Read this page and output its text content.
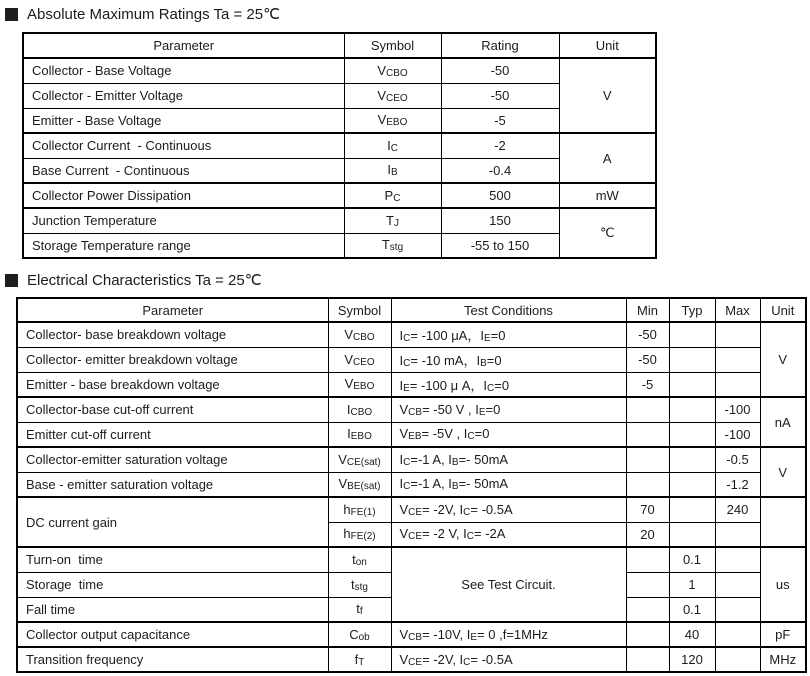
Absolute Maximum Ratings Ta = 25℃
Parameter	Symbol	Rating	Unit
Collector - Base Voltage	VCBO	-50	V
Collector - Emitter Voltage	VCEO	-50	
Emitter - Base Voltage	VEBO	-5	
Collector Current  - Continuous	IC	-2	A
Base Current  - Continuous	IB	-0.4	
Collector Power Dissipation	PC	500	mW
Junction Temperature	TJ	150	℃
Storage Temperature range	Tstg	-55 to 150	
Electrical Characteristics Ta = 25℃
Parameter	Symbol	Test Conditions	Min	Typ	Max	Unit
Collector- base breakdown voltage	VCBO	IC= -100 μA，IE=0	-50			V
Collector- emitter breakdown voltage	VCEO	IC= -10 mA，IB=0	-50			
Emitter - base breakdown voltage	VEBO	IE= -100 μ A，IC=0	-5			
Collector-base cut-off current	ICBO	VCB= -50 V , IE=0			-100	nA
Emitter cut-off current	IEBO	VEB= -5V , IC=0			-100	
Collector-emitter saturation voltage	VCE(sat)	IC=-1 A, IB=- 50mA			-0.5	V
Base - emitter saturation voltage	VBE(sat)	IC=-1 A, IB=- 50mA			-1.2	
DC current gain	hFE(1)	VCE= -2V, IC= -0.5A	70		240	
	hFE(2)	VCE= -2 V, IC= -2A	20			
Turn-on  time	ton	See Test Circuit.		0.1		us
Storage  time	tstg			1		
Fall time	tf			0.1		
Collector output capacitance	Cob	VCB= -10V, IE= 0 ,f=1MHz		40		pF
Transition frequency	fT	VCE= -2V, IC= -0.5A		120		MHz
